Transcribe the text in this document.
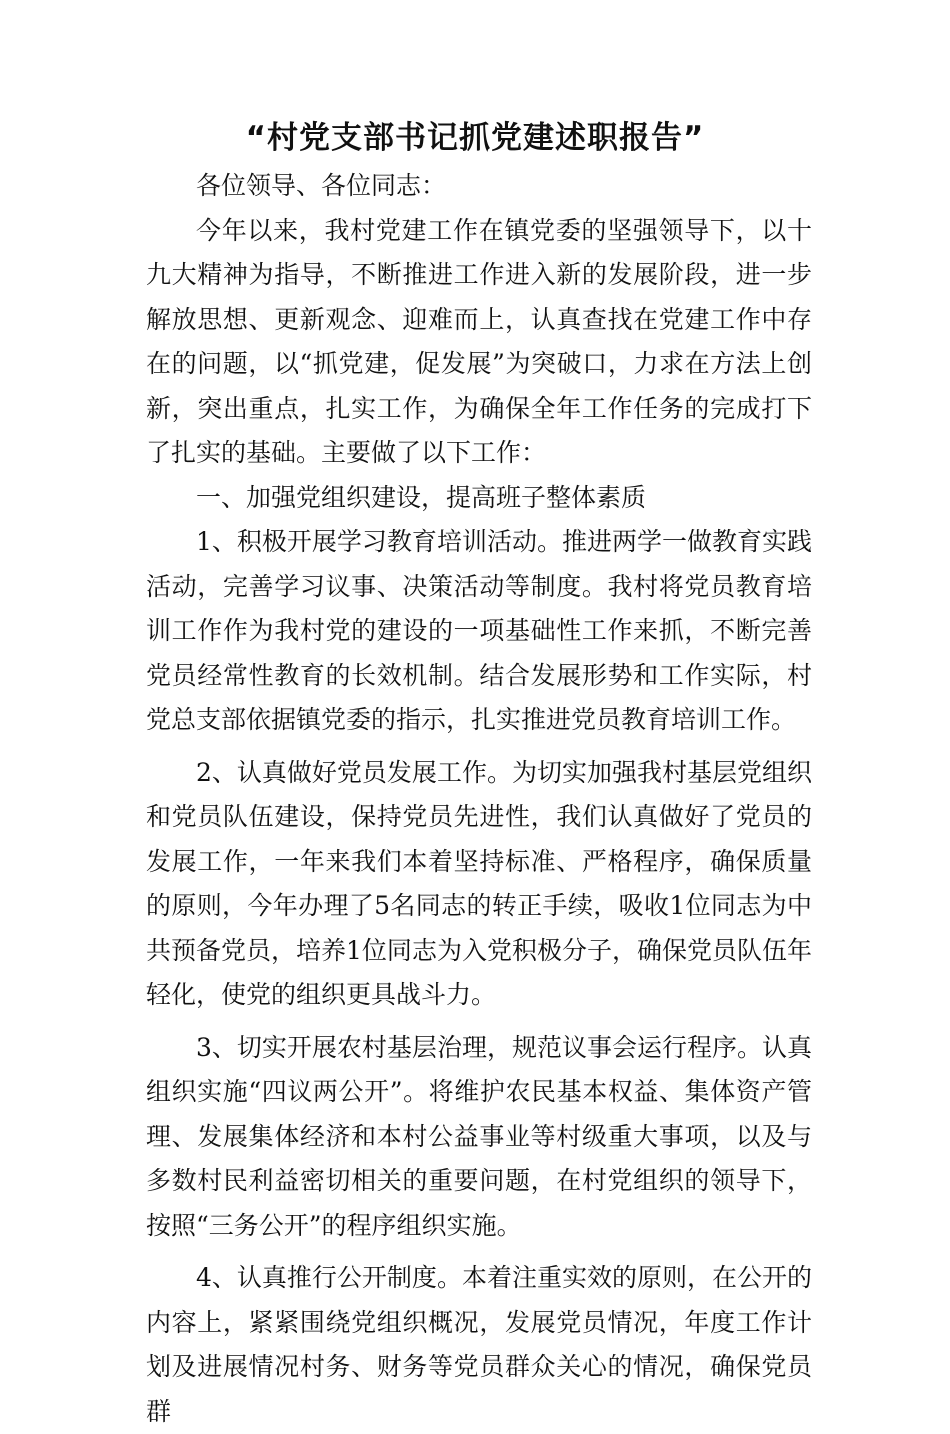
“村党支部书记抓党建述职报告”

各位领导、各位同志：

今年以来，我村党建工作在镇党委的坚强领导下，以十九大精神为指导，不断推进工作进入新的发展阶段，进一步解放思想、更新观念、迎难而上，认真查找在党建工作中存在的问题，以“抓党建，促发展”为突破口，力求在方法上创新，突出重点，扎实工作，为确保全年工作任务的完成打下了扎实的基础。主要做了以下工作：

一、加强党组织建设，提高班子整体素质

1、积极开展学习教育培训活动。推进两学一做教育实践活动，完善学习议事、决策活动等制度。我村将党员教育培训工作作为我村党的建设的一项基础性工作来抓，不断完善党员经常性教育的长效机制。结合发展形势和工作实际，村党总支部依据镇党委的指示，扎实推进党员教育培训工作。

2、认真做好党员发展工作。为切实加强我村基层党组织和党员队伍建设，保持党员先进性，我们认真做好了党员的发展工作，一年来我们本着坚持标准、严格程序，确保质量的原则，今年办理了5名同志的转正手续，吸收1位同志为中共预备党员，培养1位同志为入党积极分子，确保党员队伍年轻化，使党的组织更具战斗力。

3、切实开展农村基层治理，规范议事会运行程序。认真组织实施“四议两公开”。将维护农民基本权益、集体资产管理、发展集体经济和本村公益事业等村级重大事项，以及与多数村民利益密切相关的重要问题，在村党组织的领导下，按照“三务公开”的程序组织实施。

4、认真推行公开制度。本着注重实效的原则，在公开的内容上，紧紧围绕党组织概况，发展党员情况，年度工作计划及进展情况村务、财务等党员群众关心的情况，确保党员群
